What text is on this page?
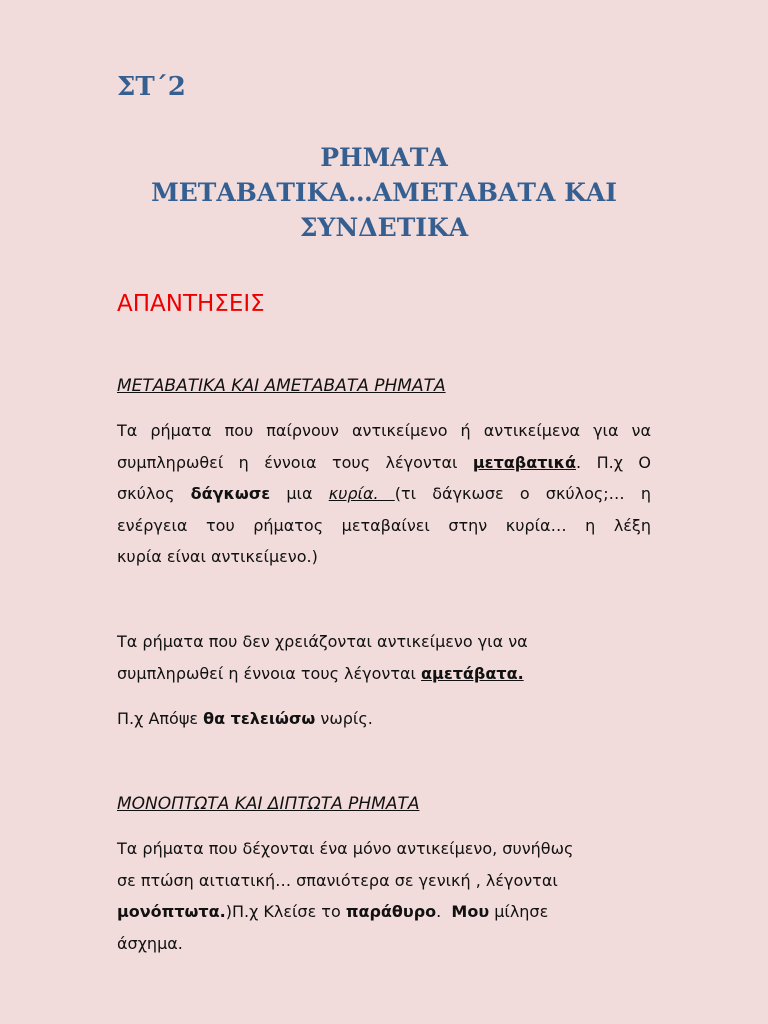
ΣΤ΄2
ΡΗΜΑΤΑ
ΜΕΤΑΒΑΤΙΚΑ…ΑΜΕΤΑΒΑΤΑ ΚΑΙ
ΣΥΝΔΕΤΙΚΑ
ΑΠΑΝΤΗΣΕΙΣ
ΜΕΤΑΒΑΤΙΚΑ ΚΑΙ ΑΜΕΤΑΒΑΤΑ ΡΗΜΑΤΑ
Τα ρήματα που παίρνουν αντικείμενο ή αντικείμενα για να
συμπληρωθεί η έννοια τους λέγονται μεταβατικά. Π.χ Ο
σκύλος δάγκωσε μια κυρία. (τι δάγκωσε ο σκύλος;… η
ενέργεια του ρήματος μεταβαίνει στην κυρία… η λέξη
κυρία είναι αντικείμενο.)
Τα ρήματα που δεν χρειάζονται αντικείμενο για να
συμπληρωθεί η έννοια τους λέγονται αμετάβατα.
Π.χ Απόψε θα τελειώσω νωρίς.
ΜΟΝΟΠΤΩΤΑ ΚΑΙ ΔΙΠΤΩΤΑ ΡΗΜΑΤΑ
Τα ρήματα που δέχονται ένα μόνο αντικείμενο, συνήθως
σε πτώση αιτιατική… σπανιότερα σε γενική , λέγονται
μονόπτωτα.)Π.χ Κλείσε το παράθυρο.  Μου μίλησε
άσχημα.
